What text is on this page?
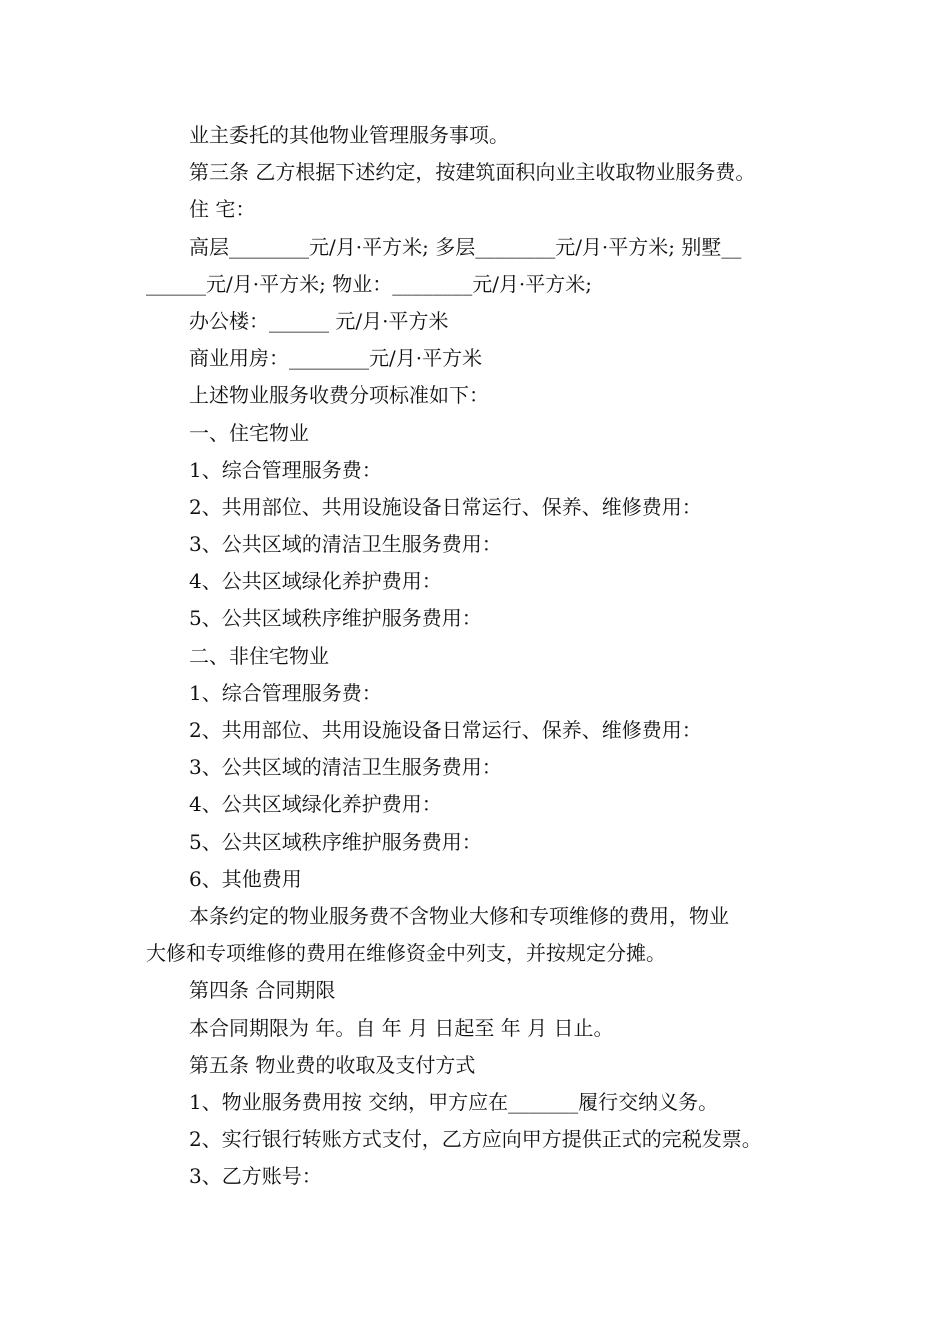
业主委托的其他物业管理服务事项。
第三条 乙方根据下述约定，按建筑面积向业主收取物业服务费。
住 宅：
高层________元/月·平方米; 多层________元/月·平方米; 别墅__
______元/月·平方米; 物业：________元/月·平方米;
办公楼：______ 元/月·平方米
商业用房：________元/月·平方米
上述物业服务收费分项标准如下：
一、住宅物业
1、综合管理服务费：
2、共用部位、共用设施设备日常运行、保养、维修费用：
3、公共区域的清洁卫生服务费用：
4、公共区域绿化养护费用：
5、公共区域秩序维护服务费用：
二、非住宅物业
1、综合管理服务费：
2、共用部位、共用设施设备日常运行、保养、维修费用：
3、公共区域的清洁卫生服务费用：
4、公共区域绿化养护费用：
5、公共区域秩序维护服务费用：
6、其他费用
本条约定的物业服务费不含物业大修和专项维修的费用，物业
大修和专项维修的费用在维修资金中列支，并按规定分摊。
第四条 合同期限
本合同期限为 年。自 年 月 日起至 年 月 日止。
第五条 物业费的收取及支付方式
1、物业服务费用按 交纳，甲方应在_______履行交纳义务。
2、实行银行转账方式支付，乙方应向甲方提供正式的完税发票。
3、乙方账号：
